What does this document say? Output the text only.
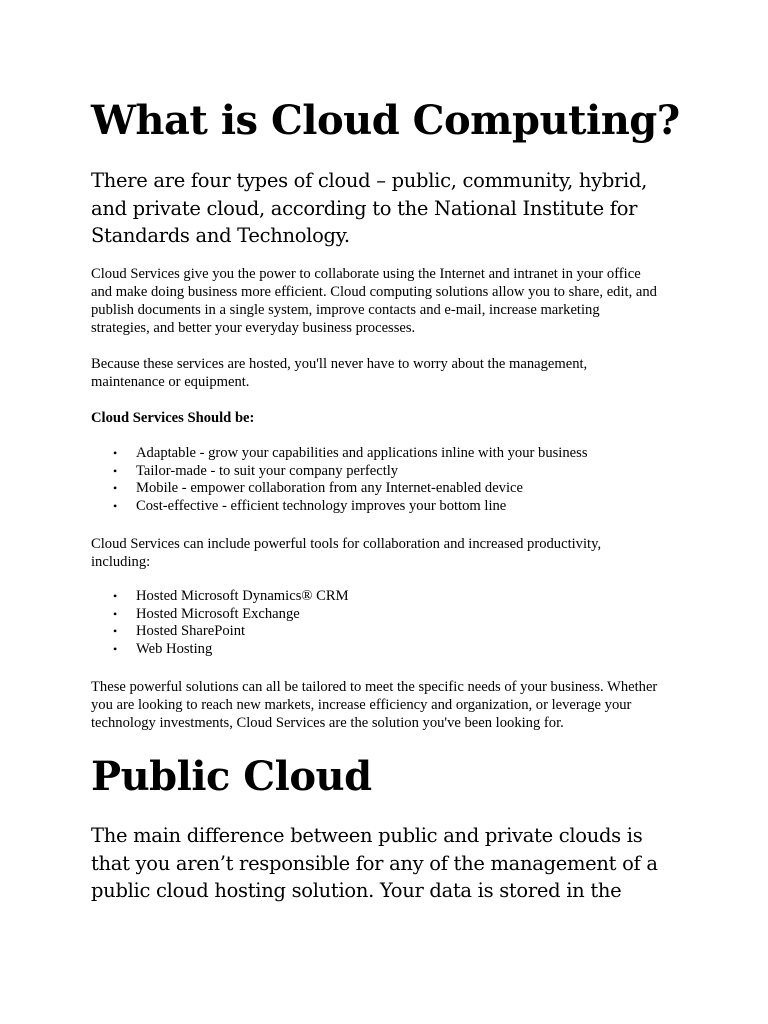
What is Cloud Computing?
There are four types of cloud – public, community, hybrid,
and private cloud, according to the National Institute for
Standards and Technology.
Cloud Services give you the power to collaborate using the Internet and intranet in your office
and make doing business more efficient. Cloud computing solutions allow you to share, edit, and
publish documents in a single system, improve contacts and e-mail, increase marketing
strategies, and better your everyday business processes.
Because these services are hosted, you'll never have to worry about the management,
maintenance or equipment.
Cloud Services Should be:
• Adaptable - grow your capabilities and applications inline with your business
• Tailor-made - to suit your company perfectly
• Mobile - empower collaboration from any Internet-enabled device
• Cost-effective - efficient technology improves your bottom line
Cloud Services can include powerful tools for collaboration and increased productivity,
including:
• Hosted Microsoft Dynamics® CRM
• Hosted Microsoft Exchange
• Hosted SharePoint
• Web Hosting
These powerful solutions can all be tailored to meet the specific needs of your business. Whether
you are looking to reach new markets, increase efficiency and organization, or leverage your
technology investments, Cloud Services are the solution you've been looking for.
Public Cloud
The main difference between public and private clouds is
that you aren’t responsible for any of the management of a
public cloud hosting solution. Your data is stored in the
